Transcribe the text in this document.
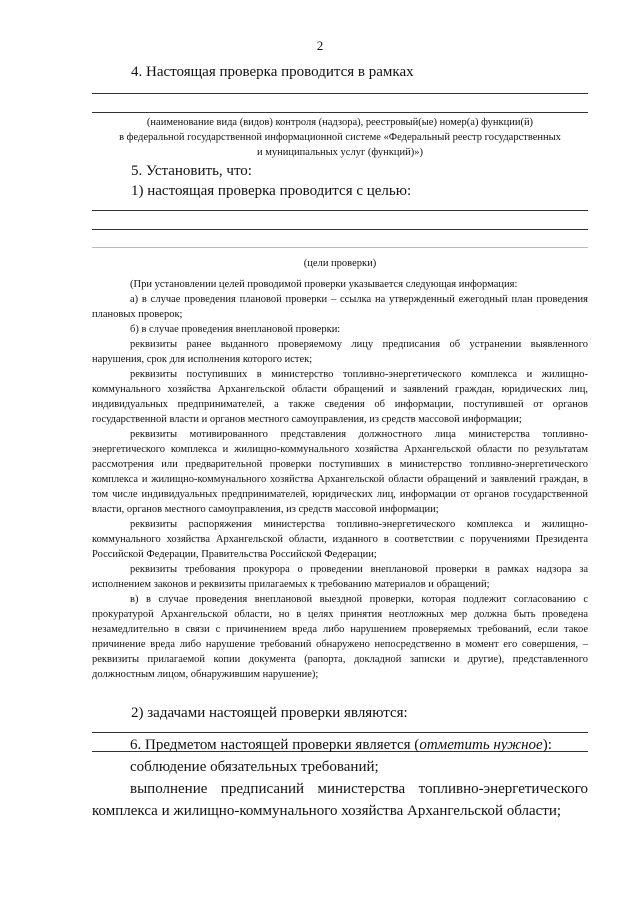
2
4. Настоящая проверка проводится в рамках
(наименование вида (видов) контроля (надзора), реестровый(ые) номер(а) функции(й)
в федеральной государственной информационной системе «Федеральный реестр государственных
и муниципальных услуг (функций)»)
5. Установить, что:
1) настоящая проверка проводится с целью:
(цели проверки)

(При установлении целей проводимой проверки указывается следующая информация:

а) в случае проведения плановой проверки – ссылка на утвержденный ежегодный план проведения плановых проверок;

б) в случае проведения внеплановой проверки:

реквизиты ранее выданного проверяемому лицу предписания об устранении выявленного нарушения, срок для исполнения которого истек;

реквизиты поступивших в министерство топливно-энергетического комплекса и жилищно-коммунального хозяйства Архангельской области обращений и заявлений граждан, юридических лиц, индивидуальных предпринимателей, а также сведения об информации, поступившей от органов государственной власти и органов местного самоуправления, из средств массовой информации;

реквизиты мотивированного представления должностного лица министерства топливно-энергетического комплекса и жилищно-коммунального хозяйства Архангельской области по результатам рассмотрения или предварительной проверки поступивших в министерство топливно-энергетического комплекса и жилищно-коммунального хозяйства Архангельской области обращений и заявлений граждан, в том числе индивидуальных предпринимателей, юридических лиц, информации от органов государственной власти, органов местного самоуправления, из средств массовой информации;

реквизиты распоряжения министерства топливно-энергетического комплекса и жилищно-коммунального хозяйства Архангельской области, изданного в соответствии с поручениями Президента Российской Федерации, Правительства Российской Федерации;

реквизиты требования прокурора о проведении внеплановой проверки в рамках надзора за исполнением законов и реквизиты прилагаемых к требованию материалов и обращений;

в) в случае проведения внеплановой выездной проверки, которая подлежит согласованию с прокуратурой Архангельской области, но в целях принятия неотложных мер должна быть проведена незамедлительно в связи с причинением вреда либо нарушением проверяемых требований, если такое причинение вреда либо нарушение требований обнаружено непосредственно в момент его совершения, – реквизиты прилагаемой копии документа (рапорта, докладной записки и другие), представленного должностным лицом, обнаружившим нарушение);

2) задачами настоящей проверки являются:

6. Предметом настоящей проверки является (отметить нужное):

соблюдение обязательных требований;

выполнение предписаний министерства топливно-энергетического комплекса и жилищно-коммунального хозяйства Архангельской области;
